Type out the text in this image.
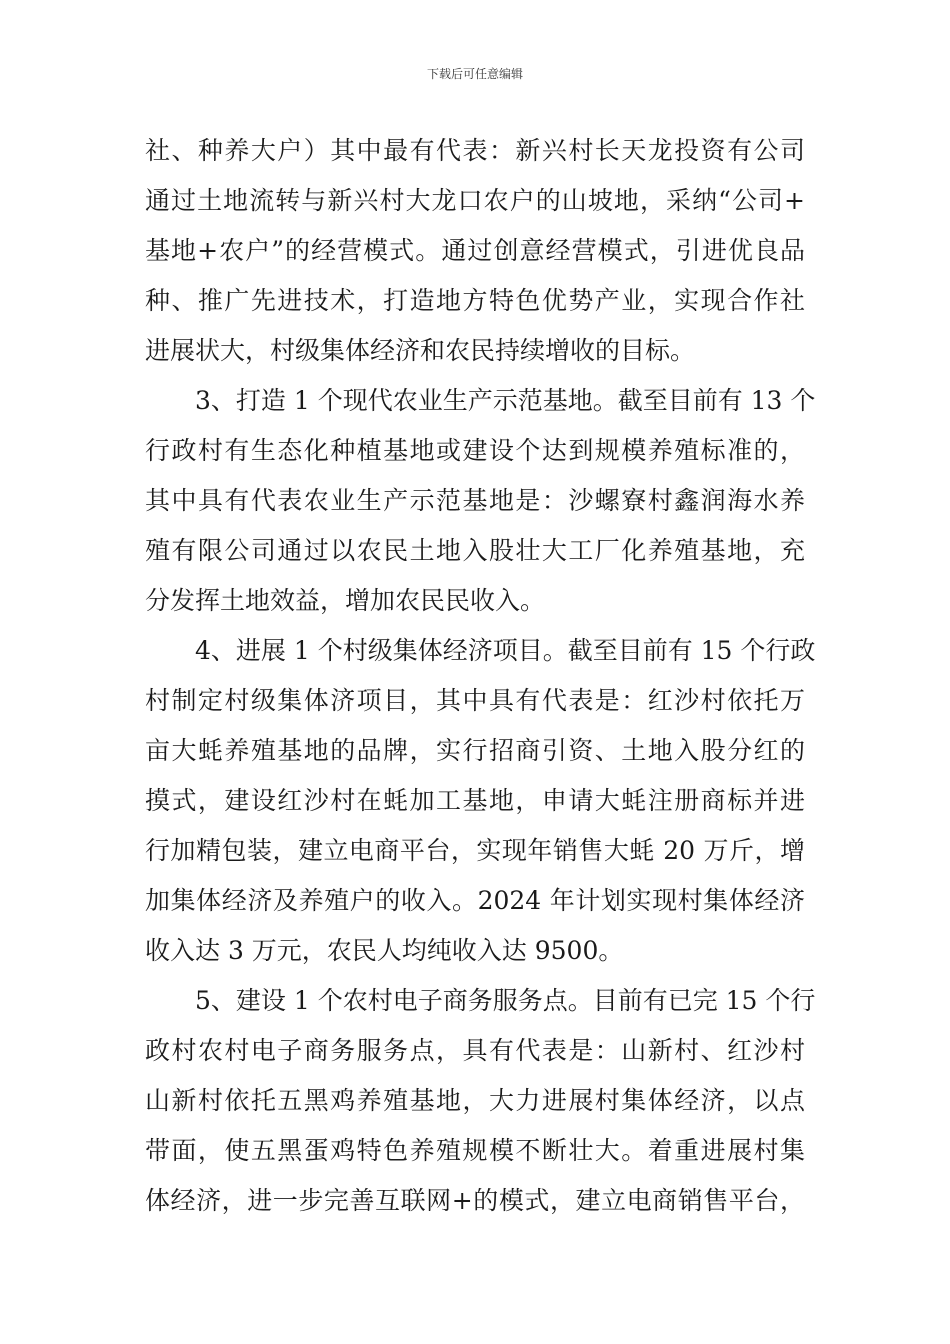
下载后可任意编辑
社、种养大户）其中最有代表：新兴村长天龙投资有公司
通过土地流转与新兴村大龙口农户的山坡地，采纳“公司+
基地+农户”的经营模式。通过创意经营模式，引进优良品
种、推广先进技术，打造地方特色优势产业，实现合作社
进展状大，村级集体经济和农民持续增收的目标。
3、打造 1 个现代农业生产示范基地。截至目前有 13 个
行政村有生态化种植基地或建设个达到规模养殖标准的，
其中具有代表农业生产示范基地是：沙螺寮村鑫润海水养
殖有限公司通过以农民土地入股壮大工厂化养殖基地，充
分发挥土地效益，增加农民民收入。
4、进展 1 个村级集体经济项目。截至目前有 15 个行政
村制定村级集体济项目，其中具有代表是：红沙村依托万
亩大蚝养殖基地的品牌，实行招商引资、土地入股分红的
摸式，建设红沙村在蚝加工基地，申请大蚝注册商标并进
行加精包装，建立电商平台，实现年销售大蚝 20 万斤，增
加集体经济及养殖户的收入。2024 年计划实现村集体经济
收入达 3 万元，农民人均纯收入达 9500。
5、建设 1 个农村电子商务服务点。目前有已完 15 个行
政村农村电子商务服务点，具有代表是：山新村、红沙村
山新村依托五黑鸡养殖基地，大力进展村集体经济，以点
带面，使五黑蛋鸡特色养殖规模不断壮大。着重进展村集
体经济，进一步完善互联网+的模式，建立电商销售平台，
